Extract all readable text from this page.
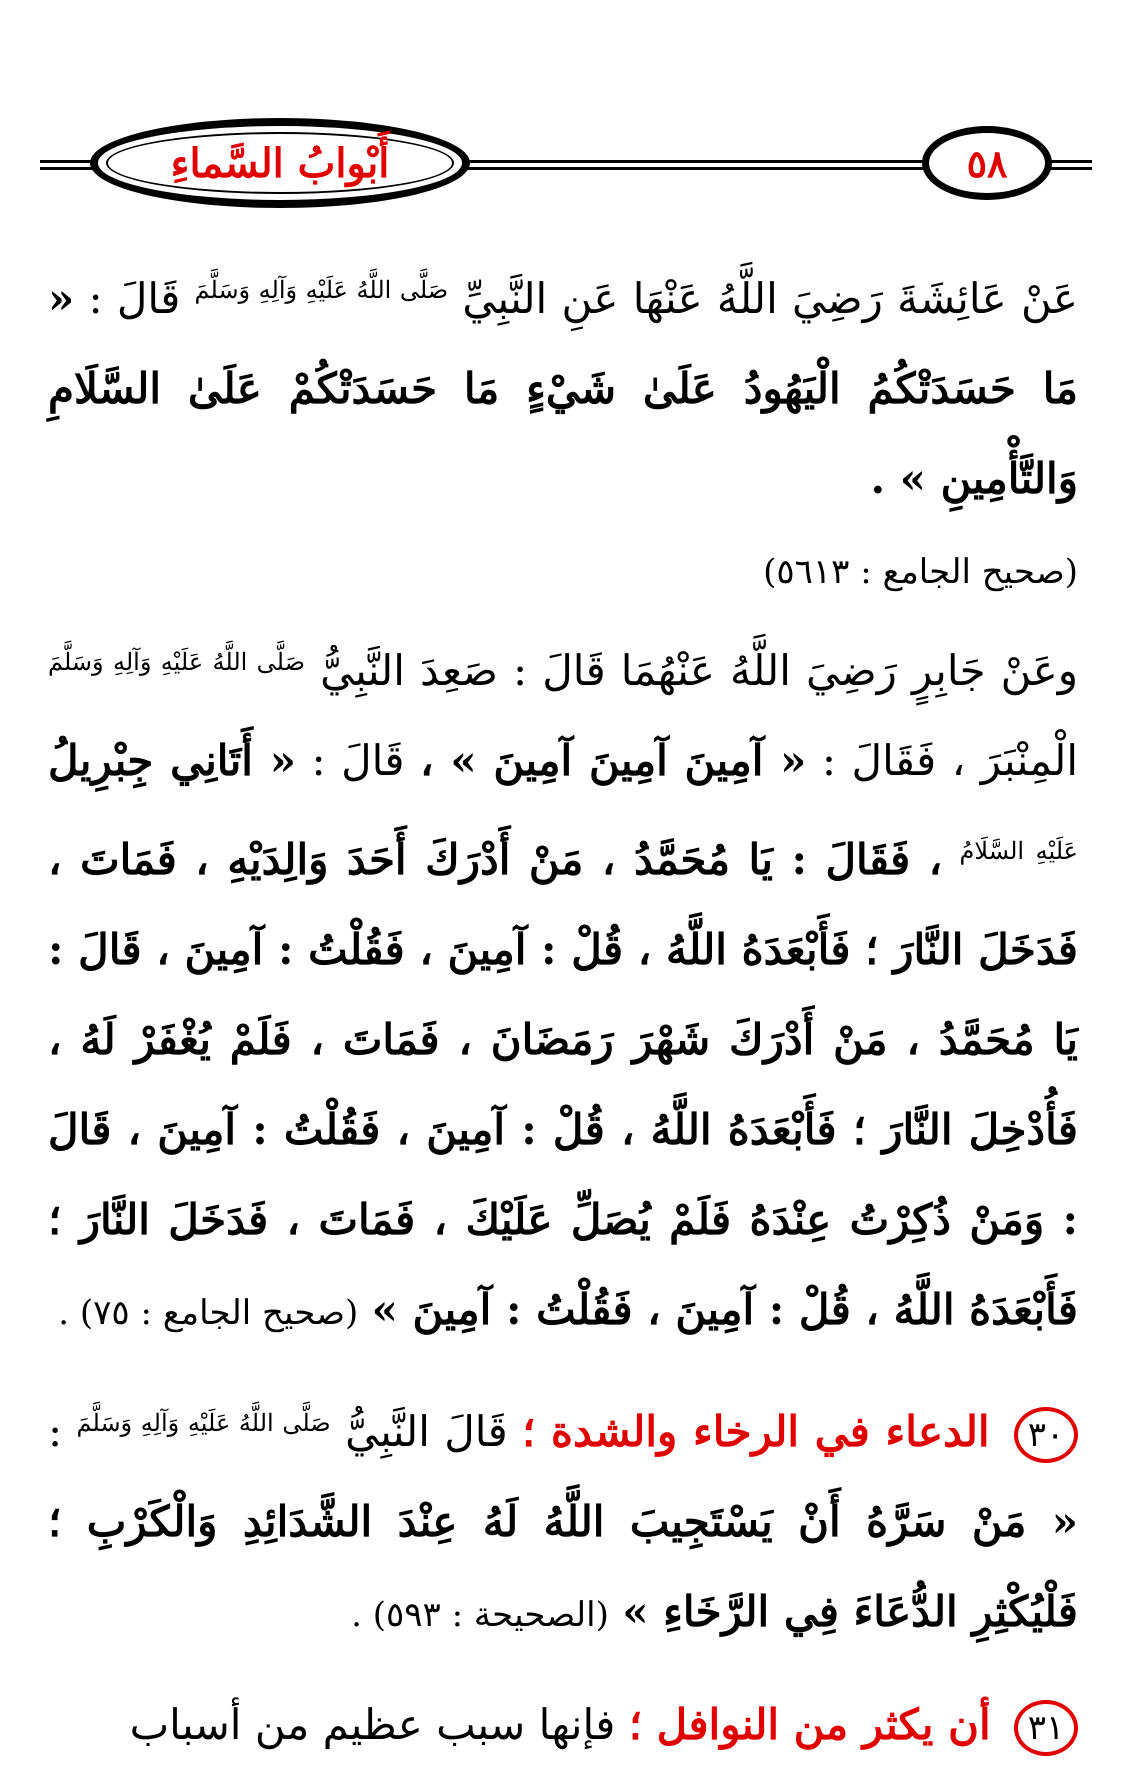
أَبْوابُ السَّماءِ	٥٨

عَنْ عَائِشَةَ رَضِيَ اللَّهُ عَنْهَا عَنِ النَّبِيِّ $^{صَلَّى اللَّهُ عَلَيْهِ وَآلِهِ وَسَلَّمَ}$ قَالَ : « مَا حَسَدَتْكُمُ الْيَهُودُ عَلَىٰ شَيْءٍ مَا حَسَدَتْكُمْ عَلَىٰ السَّلَامِ وَالتَّأْمِينِ » .
(صحيح الجامع : ٥٦١٣)

وعَنْ جَابِرٍ رَضِيَ اللَّهُ عَنْهُمَا قَالَ : صَعِدَ النَّبِيُّ $^{صَلَّى اللَّهُ عَلَيْهِ وَآلِهِ وَسَلَّمَ}$ الْمِنْبَرَ ، فَقَالَ : « آمِينَ آمِينَ آمِينَ » ، قَالَ : « أَتَانِي جِبْرِيلُ $^{عَلَيْهِ السَّلَامُ}$ ، فَقَالَ : يَا مُحَمَّدُ ، مَنْ أَدْرَكَ أَحَدَ وَالِدَيْهِ ، فَمَاتَ ، فَدَخَلَ النَّارَ ؛ فَأَبْعَدَهُ اللَّهُ ، قُلْ : آمِينَ ، فَقُلْتُ : آمِينَ ، قَالَ : يَا مُحَمَّدُ ، مَنْ أَدْرَكَ شَهْرَ رَمَضَانَ ، فَمَاتَ ، فَلَمْ يُغْفَرْ لَهُ ، فَأُدْخِلَ النَّارَ ؛ فَأَبْعَدَهُ اللَّهُ ، قُلْ : آمِينَ ، فَقُلْتُ : آمِينَ ، قَالَ : وَمَنْ ذُكِرْتُ عِنْدَهُ فَلَمْ يُصَلِّ عَلَيْكَ ، فَمَاتَ ، فَدَخَلَ النَّارَ ؛ فَأَبْعَدَهُ اللَّهُ ، قُلْ : آمِينَ ، فَقُلْتُ : آمِينَ » (صحيح الجامع : ٧٥) .

٣٠ الدعاء في الرخاء والشدة ؛ قَالَ النَّبِيُّ $^{صَلَّى اللَّهُ عَلَيْهِ وَآلِهِ وَسَلَّمَ}$ : « مَنْ سَرَّهُ أَنْ يَسْتَجِيبَ اللَّهُ لَهُ عِنْدَ الشَّدَائِدِ وَالْكَرْبِ ؛ فَلْيُكْثِرِ الدُّعَاءَ فِي الرَّخَاءِ » (الصحيحة : ٥٩٣) .

٣١ أن يكثر من النوافل ؛ فإنها سبب عظيم من أسباب
